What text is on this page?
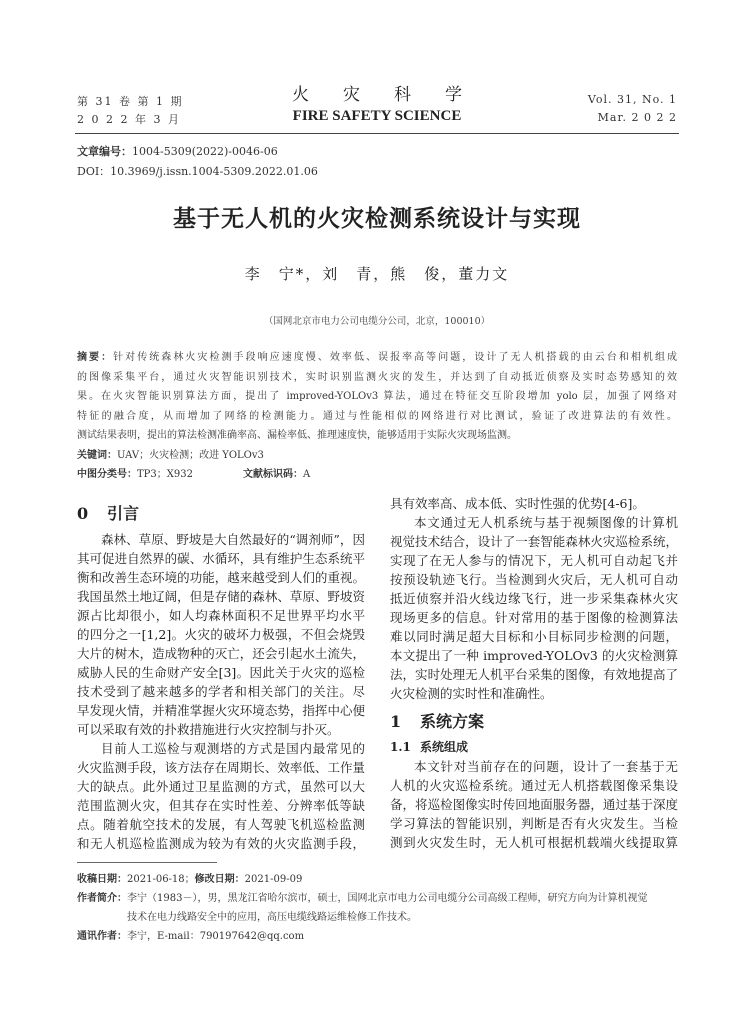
第 31 卷 第 1 期
2 0 2 2 年 3 月
火　　灾　　科　　学
FIRE SAFETY SCIENCE
Vol. 31, No. 1
Mar. 2 0 2 2
文章编号：1004-5309(2022)-0046-06
DOI：10.3969/j.issn.1004-5309.2022.01.06
基于无人机的火灾检测系统设计与实现
李　宁*，刘　青，熊　俊，董力文
（国网北京市电力公司电缆分公司，北京，100010）
摘要：针对传统森林火灾检测手段响应速度慢、效率低、误报率高等问题，设计了无人机搭载的由云台和相机组成
的图像采集平台，通过火灾智能识别技术，实时识别监测火灾的发生，并达到了自动抵近侦察及实时态势感知的效
果。在火灾智能识别算法方面，提出了 improved-YOLOv3 算法，通过在特征交互阶段增加 yolo 层，加强了网络对
特征的融合度，从而增加了网络的检测能力。通过与性能相似的网络进行对比测试，验证了改进算法的有效性。
测试结果表明，提出的算法检测准确率高、漏检率低、推理速度快，能够适用于实际火灾现场监测。
关键词：UAV；火灾检测；改进 YOLOv3
中图分类号：TP3；X932	文献标识码：A
0 引言
森林、草原、野坡是大自然最好的“调剂师”，因
其可促进自然界的碳、水循环，具有维护生态系统平
衡和改善生态环境的功能，越来越受到人们的重视。
我国虽然土地辽阔，但是存储的森林、草原、野坡资
源占比却很小，如人均森林面积不足世界平均水平
的四分之一[1,2]。火灾的破坏力极强，不但会烧毁
大片的树木，造成物种的灭亡，还会引起水土流失，
威胁人民的生命财产安全[3]。因此关于火灾的巡检
技术受到了越来越多的学者和相关部门的关注。尽
早发现火情，并精准掌握火灾环境态势，指挥中心便
可以采取有效的扑救措施进行火灾控制与扑灭。
目前人工巡检与观测塔的方式是国内最常见的
火灾监测手段，该方法存在周期长、效率低、工作量
大的缺点。此外通过卫星监测的方式，虽然可以大
范围监测火灾，但其存在实时性差、分辨率低等缺
点。随着航空技术的发展，有人驾驶飞机巡检监测
和无人机巡检监测成为较为有效的火灾监测手段，
具有效率高、成本低、实时性强的优势[4-6]。
本文通过无人机系统与基于视频图像的计算机
视觉技术结合，设计了一套智能森林火灾巡检系统，
实现了在无人参与的情况下，无人机可自动起飞并
按预设轨迹飞行。当检测到火灾后，无人机可自动
抵近侦察并沿火线边缘飞行，进一步采集森林火灾
现场更多的信息。针对常用的基于图像的检测算法
难以同时满足超大目标和小目标同步检测的问题，
本文提出了一种 improved-YOLOv3 的火灾检测算
法，实时处理无人机平台采集的图像，有效地提高了
火灾检测的实时性和准确性。
1 系统方案
1.1 系统组成
本文针对当前存在的问题，设计了一套基于无
人机的火灾巡检系统。通过无人机搭载图像采集设
备，将巡检图像实时传回地面服务器，通过基于深度
学习算法的智能识别，判断是否有火灾发生。当检
测到火灾发生时，无人机可根据机载端火线提取算
收稿日期：2021-06-18；修改日期：2021-09-09
作者简介：李宁（1983－），男，黑龙江省哈尔滨市，硕士，国网北京市电力公司电缆分公司高级工程师，研究方向为计算机视觉
技术在电力线路安全中的应用，高压电缆线路运维检修工作技术。
通讯作者：李宁，E-mail：790197642@qq.com
